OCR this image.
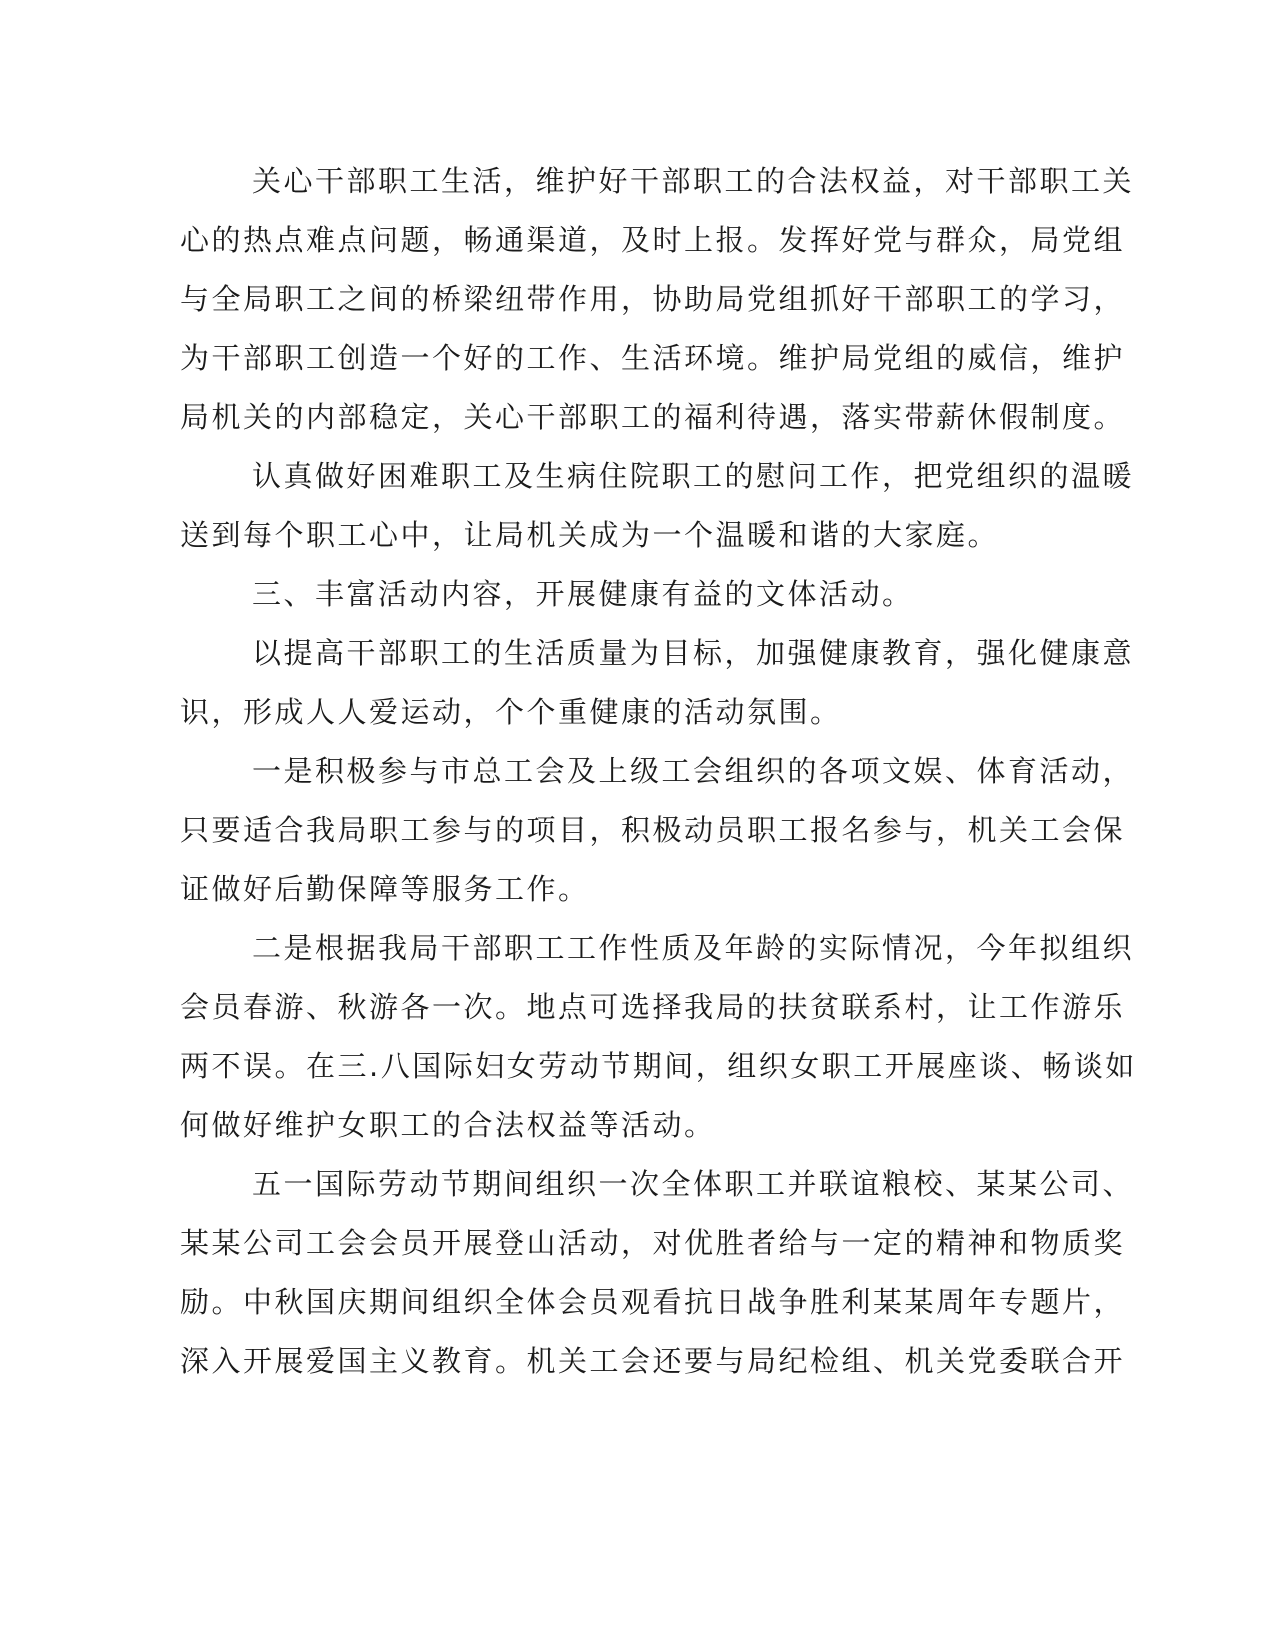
关心干部职工生活，维护好干部职工的合法权益，对干部职工关
心的热点难点问题，畅通渠道，及时上报。发挥好党与群众，局党组
与全局职工之间的桥梁纽带作用，协助局党组抓好干部职工的学习，
为干部职工创造一个好的工作、生活环境。维护局党组的威信，维护
局机关的内部稳定，关心干部职工的福利待遇，落实带薪休假制度。
认真做好困难职工及生病住院职工的慰问工作，把党组织的温暖
送到每个职工心中，让局机关成为一个温暖和谐的大家庭。
三、丰富活动内容，开展健康有益的文体活动。
以提高干部职工的生活质量为目标，加强健康教育，强化健康意
识，形成人人爱运动，个个重健康的活动氛围。
一是积极参与市总工会及上级工会组织的各项文娱、体育活动，
只要适合我局职工参与的项目，积极动员职工报名参与，机关工会保
证做好后勤保障等服务工作。
二是根据我局干部职工工作性质及年龄的实际情况，今年拟组织
会员春游、秋游各一次。地点可选择我局的扶贫联系村，让工作游乐
两不误。在三.八国际妇女劳动节期间，组织女职工开展座谈、畅谈如
何做好维护女职工的合法权益等活动。
五一国际劳动节期间组织一次全体职工并联谊粮校、某某公司、
某某公司工会会员开展登山活动，对优胜者给与一定的精神和物质奖
励。中秋国庆期间组织全体会员观看抗日战争胜利某某周年专题片，
深入开展爱国主义教育。机关工会还要与局纪检组、机关党委联合开
